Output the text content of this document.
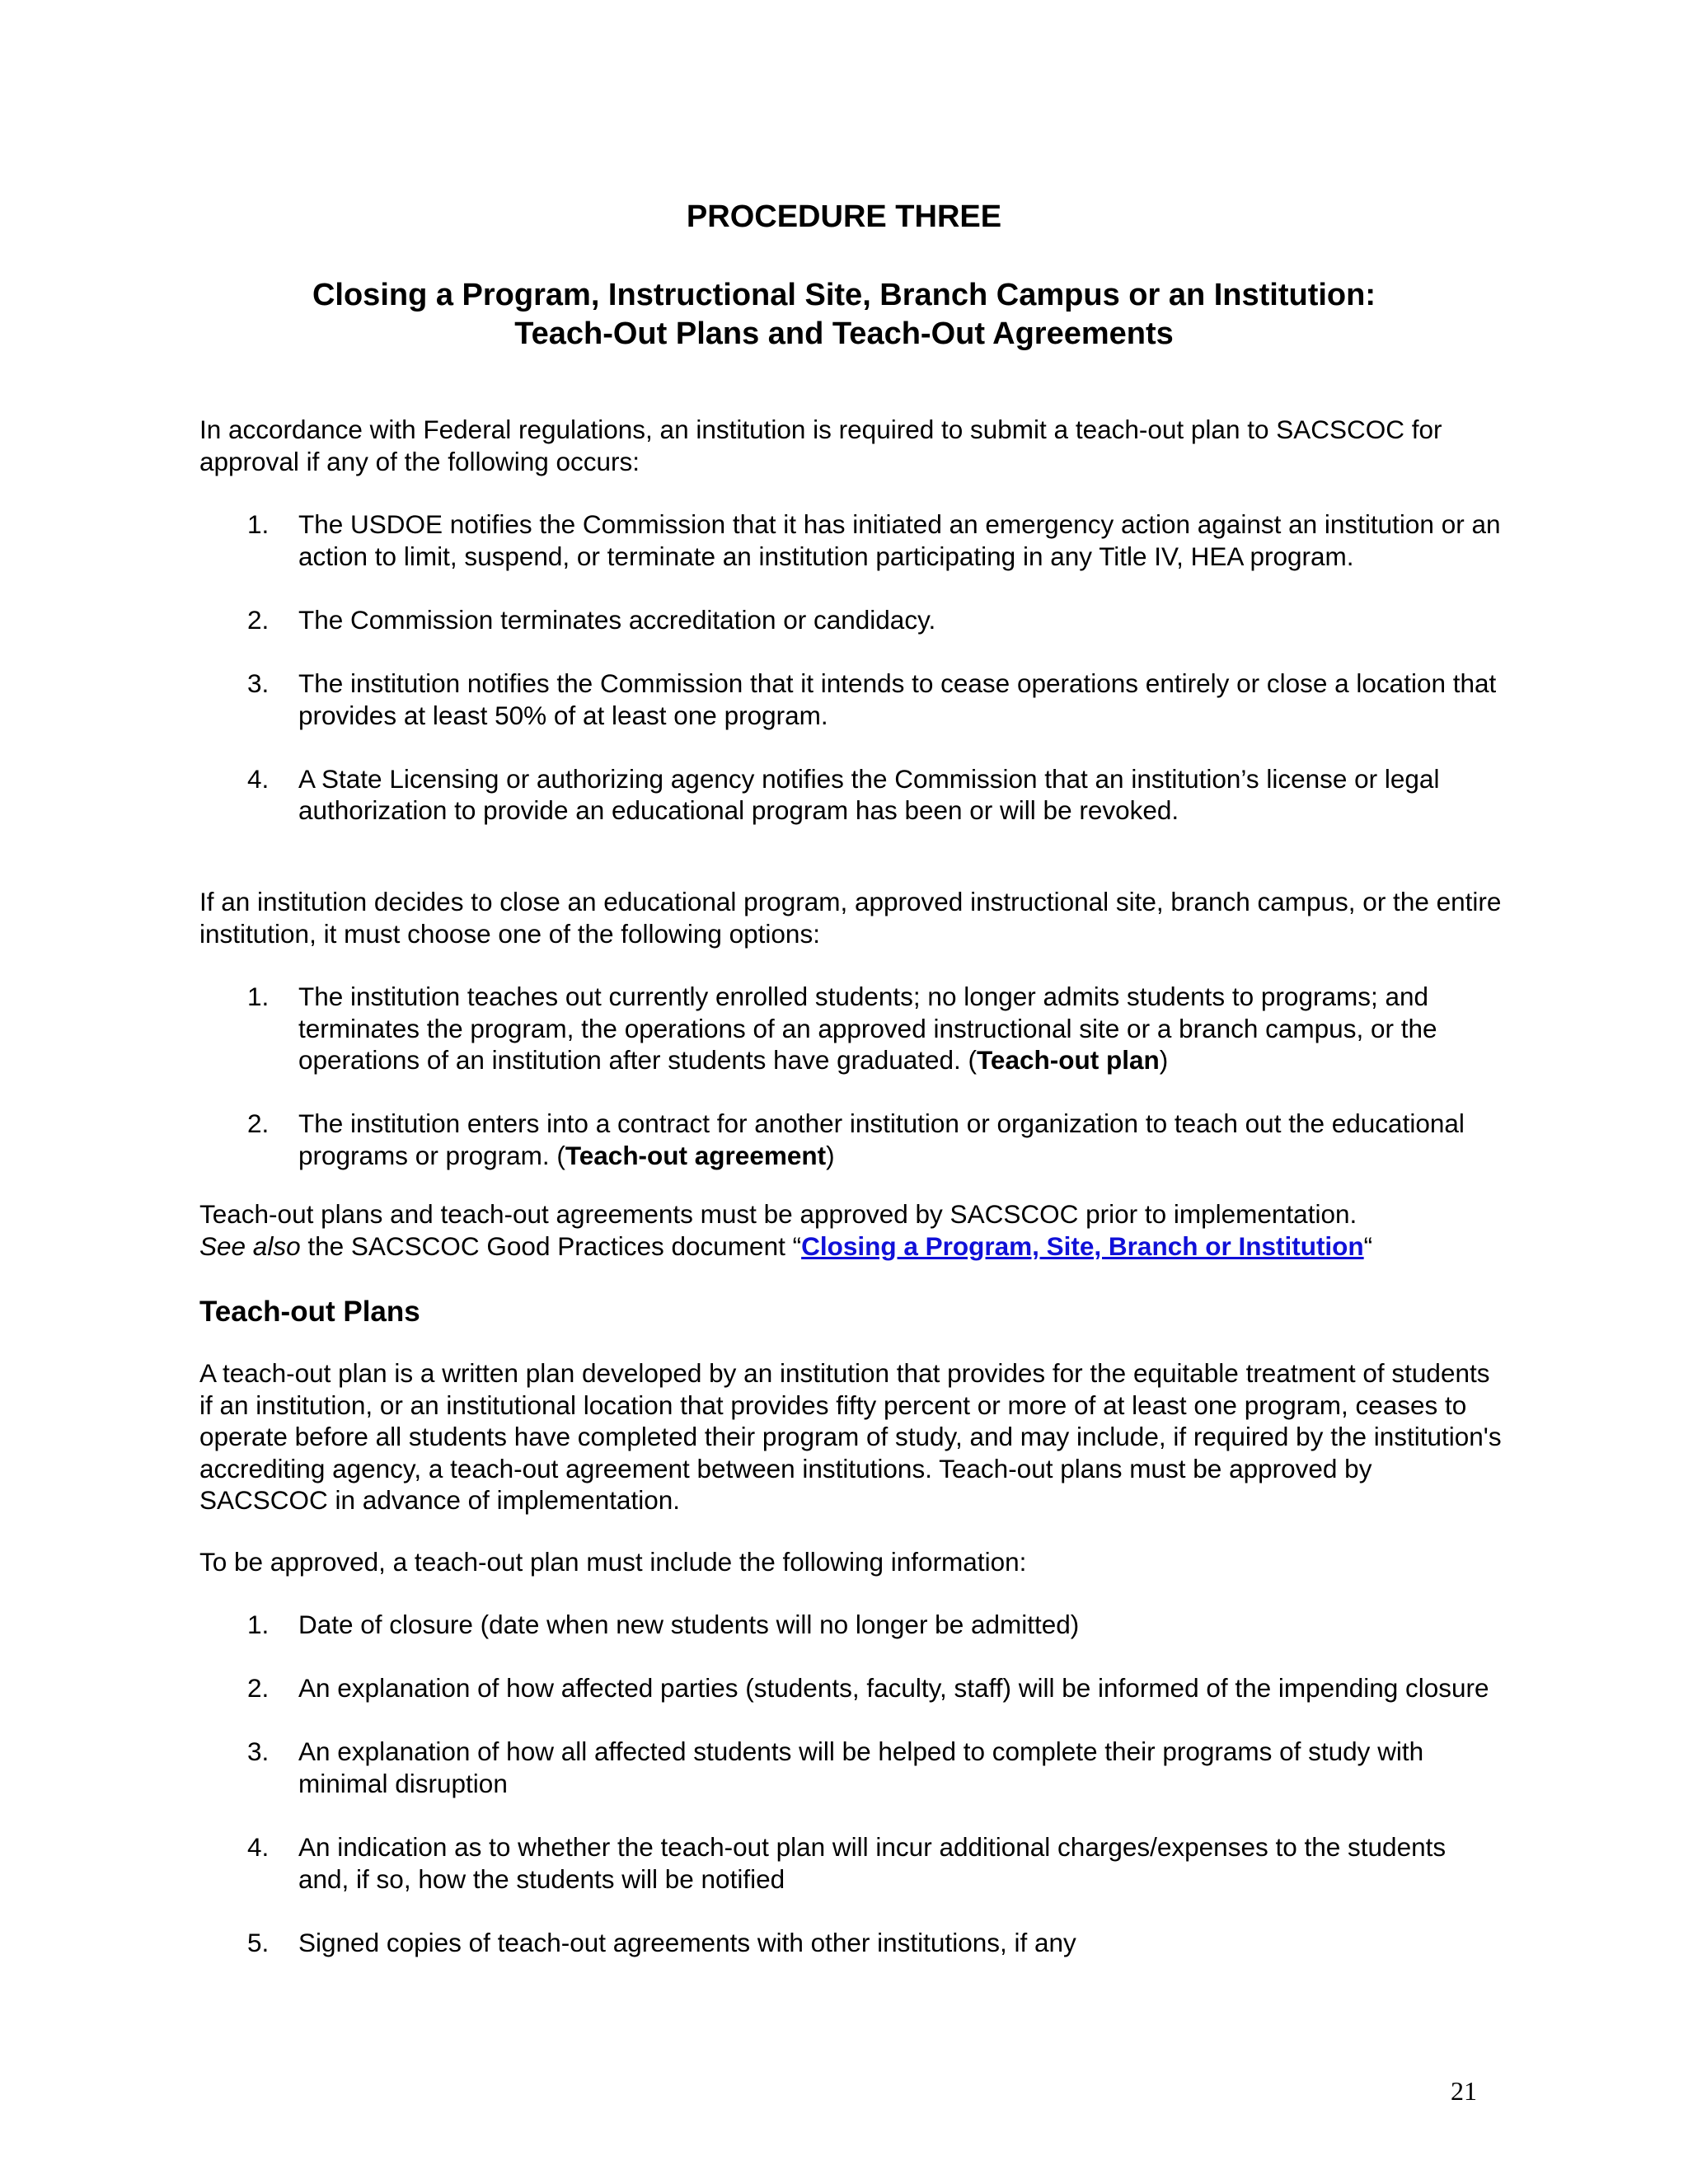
PROCEDURE THREE
Closing a Program, Instructional Site, Branch Campus or an Institution:
Teach-Out Plans and Teach-Out Agreements

In accordance with Federal regulations, an institution is required to submit a teach-out plan to SACSCOC for approval if any of the following occurs:

1. The USDOE notifies the Commission that it has initiated an emergency action against an institution or an action to limit, suspend, or terminate an institution participating in any Title IV, HEA program.
2. The Commission terminates accreditation or candidacy.
3. The institution notifies the Commission that it intends to cease operations entirely or close a location that provides at least 50% of at least one program.
4. A State Licensing or authorizing agency notifies the Commission that an institution’s license or legal authorization to provide an educational program has been or will be revoked.

If an institution decides to close an educational program, approved instructional site, branch campus, or the entire institution, it must choose one of the following options:

1. The institution teaches out currently enrolled students; no longer admits students to programs; and terminates the program, the operations of an approved instructional site or a branch campus, or the operations of an institution after students have graduated. (Teach-out plan)
2. The institution enters into a contract for another institution or organization to teach out the educational programs or program. (Teach-out agreement)

Teach-out plans and teach-out agreements must be approved by SACSCOC prior to implementation.
See also the SACSCOC Good Practices document “Closing a Program, Site, Branch or Institution“

Teach-out Plans

A teach-out plan is a written plan developed by an institution that provides for the equitable treatment of students if an institution, or an institutional location that provides fifty percent or more of at least one program, ceases to operate before all students have completed their program of study, and may include, if required by the institution's accrediting agency, a teach-out agreement between institutions. Teach-out plans must be approved by SACSCOC in advance of implementation.

To be approved, a teach-out plan must include the following information:

1. Date of closure (date when new students will no longer be admitted)
2. An explanation of how affected parties (students, faculty, staff) will be informed of the impending closure
3. An explanation of how all affected students will be helped to complete their programs of study with minimal disruption
4. An indication as to whether the teach-out plan will incur additional charges/expenses to the students and, if so, how the students will be notified
5. Signed copies of teach-out agreements with other institutions, if any
21
